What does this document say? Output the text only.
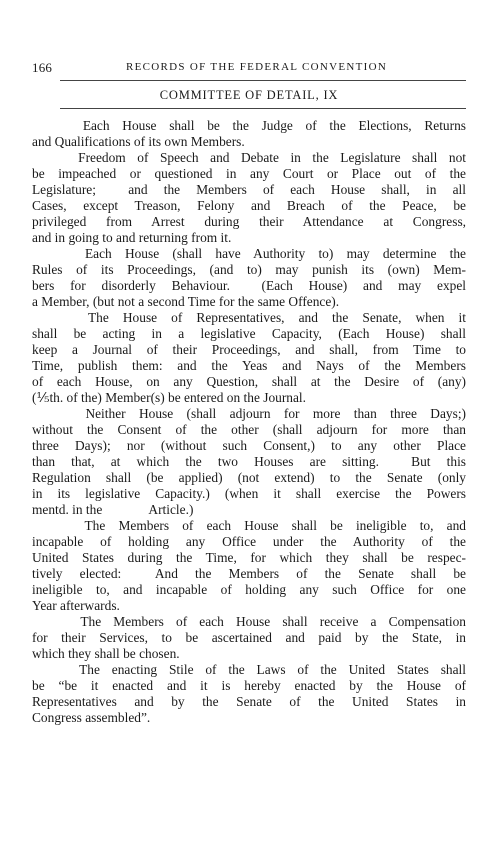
166	RECORDS OF THE FEDERAL CONVENTION
COMMITTEE OF DETAIL, IX
Each House shall be the Judge of the Elections, Returns
and Qualifications of its own Members.
Freedom of Speech and Debate in the Legislature shall not
be impeached or questioned in any Court or Place out of the
Legislature;  and the Members of each House shall, in all
Cases, except Treason, Felony and Breach of the Peace, be
privileged from Arrest during their Attendance at Congress,
and in going to and returning from it.
Each House (shall have Authority to) may determine the
Rules of its Proceedings, (and to) may punish its (own) Mem-
bers for disorderly Behaviour.  (Each House) and may expel
a Member, (but not a second Time for the same Offence).
The House of Representatives, and the Senate, when it
shall be acting in a legislative Capacity, (Each House) shall
keep a Journal of their Proceedings, and shall, from Time to
Time, publish them: and the Yeas and Nays of the Members
of each House, on any Question, shall at the Desire of (any)
(⅕th. of the) Member(s) be entered on the Journal.
Neither House (shall adjourn for more than three Days;)
without the Consent of the other (shall adjourn for more than
three Days); nor (without such Consent,) to any other Place
than that, at which the two Houses are sitting.  But this
Regulation shall (be applied) (not extend) to the Senate (only
in its legislative Capacity.) (when it shall exercise the Powers
mentd. in the              Article.)
The Members of each House shall be ineligible to, and
incapable of holding any Office under the Authority of the
United States during the Time, for which they shall be respec-
tively elected:  And the Members of the Senate shall be
ineligible to, and incapable of holding any such Office for one
Year afterwards.
The Members of each House shall receive a Compensation
for their Services, to be ascertained and paid by the State, in
which they shall be chosen.
The enacting Stile of the Laws of the United States shall
be “be it enacted and it is hereby enacted by the House of
Representatives and by the Senate of the United States in
Congress assembled”.
